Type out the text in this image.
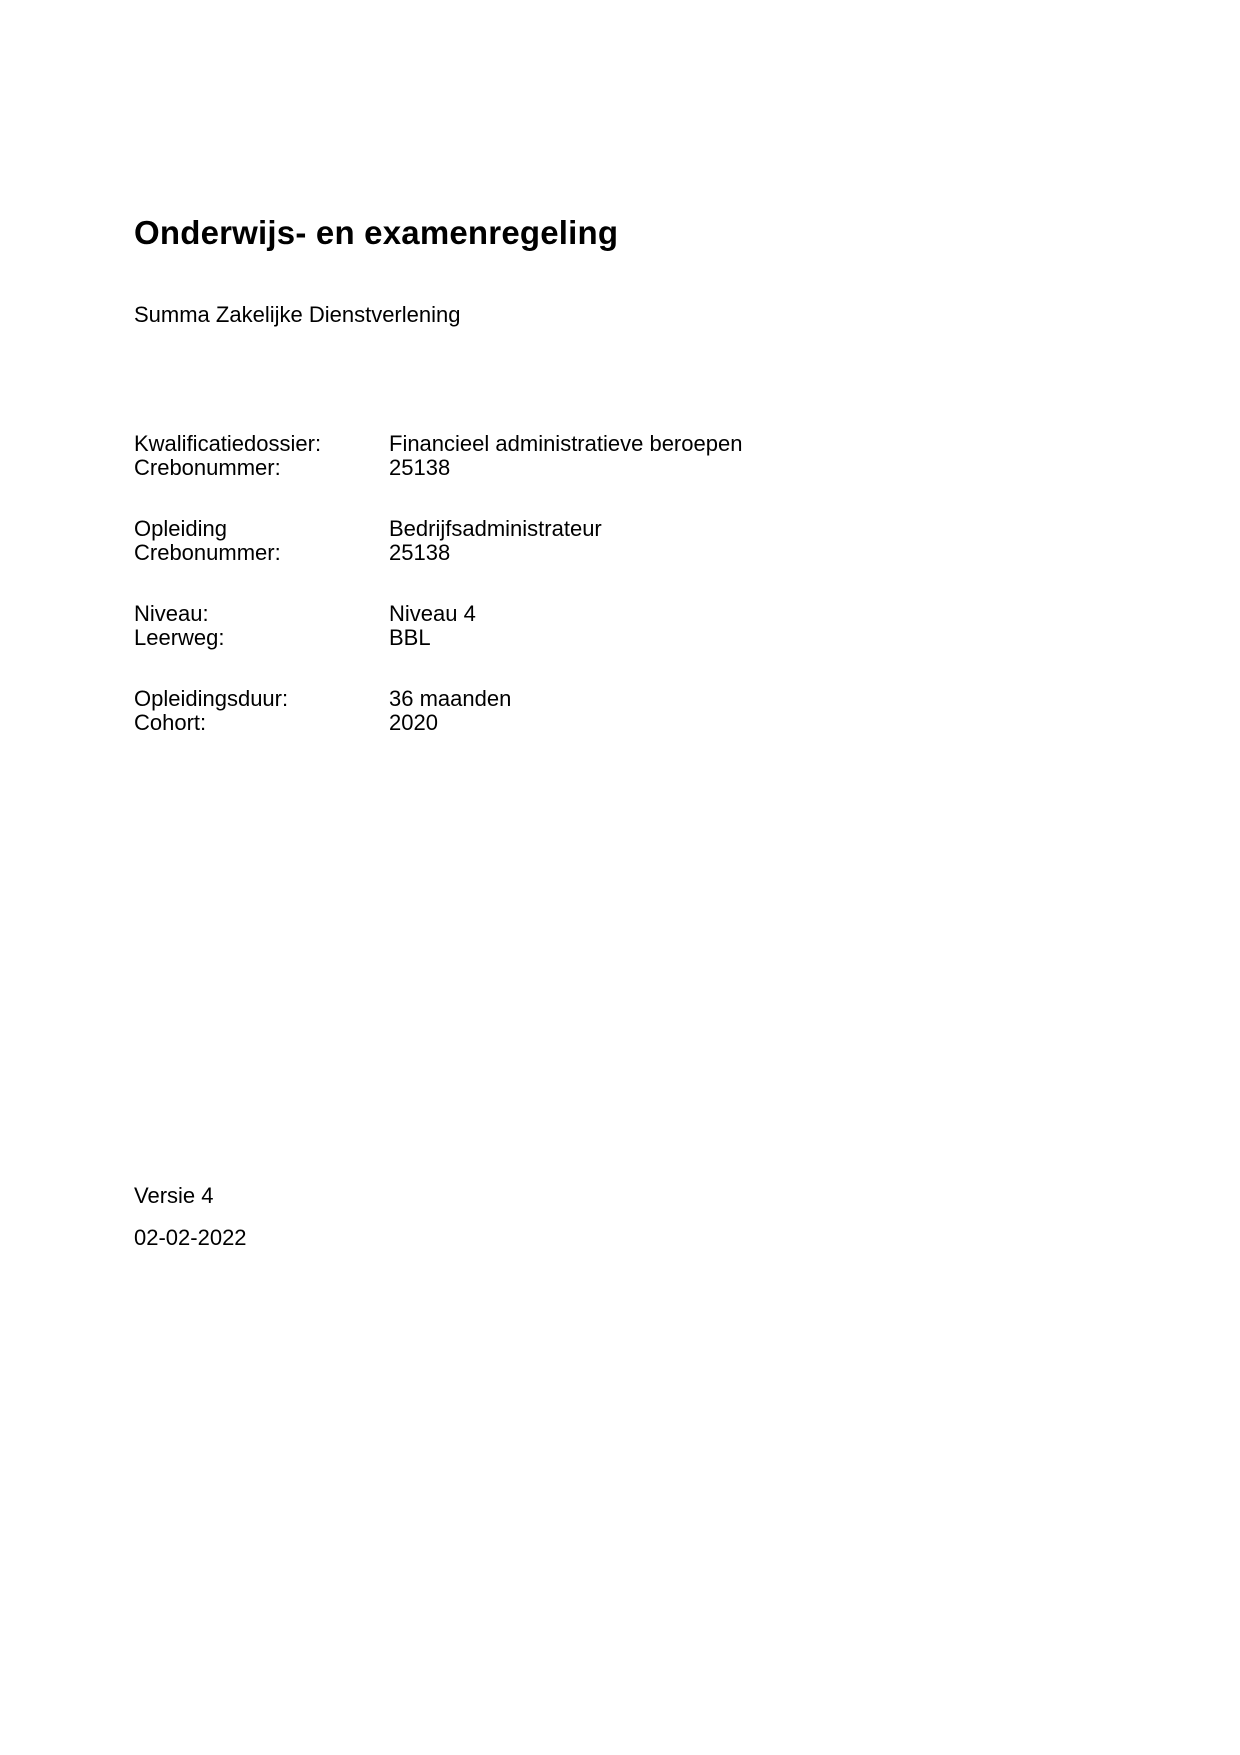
Onderwijs- en examenregeling

Summa Zakelijke Dienstverlening

Kwalificatiedossier:	Financieel administratieve beroepen
Crebonummer:	25138
Opleiding	Bedrijfsadministrateur
Crebonummer:	25138
Niveau:	Niveau 4
Leerweg:	BBL
Opleidingsduur:	36 maanden
Cohort:	2020

Versie 4

02-02-2022
